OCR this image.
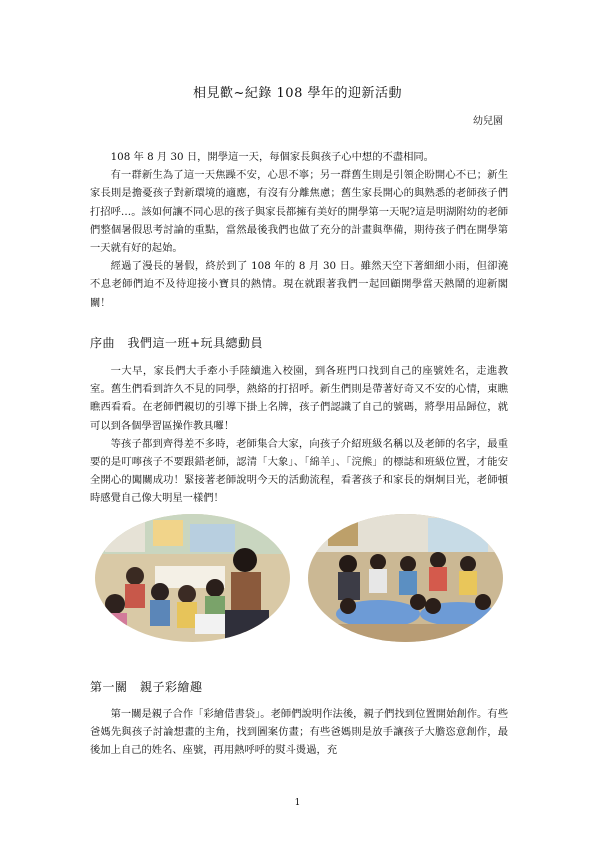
相見歡~紀錄 108 學年的迎新活動
幼兒園

108 年 8 月 30 日，開學這一天，每個家長與孩子心中想的不盡相同。

有一群新生為了這一天焦躁不安，心思不寧；另一群舊生則是引領企盼開心不已；新生家長則是擔憂孩子對新環境的適應，有沒有分離焦慮；舊生家長開心的與熟悉的老師孩子們打招呼…。該如何讓不同心思的孩子與家長都擁有美好的開學第一天呢?這是明湖附幼的老師們整個暑假思考討論的重點，當然最後我們也做了充分的計畫與準備，期待孩子們在開學第一天就有好的起始。

經過了漫長的暑假，終於到了 108 年的 8 月 30 日。雖然天空下著細細小雨，但卻澆不息老師們迫不及待迎接小寶貝的熱情。現在就跟著我們一起回顧開學當天熱鬧的迎新閣關！

序曲　我們這一班+玩具總動員

一大早，家長們大手牽小手陸續進入校園，到各班門口找到自己的座號姓名，走進教室。舊生們看到許久不見的同學，熱絡的打招呼。新生們則是帶著好奇又不安的心情，東瞧瞧西看看。在老師們親切的引導下掛上名牌，孩子們認識了自己的號碼，將學用品歸位，就可以到各個學習區操作教具囉！

等孩子都到齊得差不多時，老師集合大家，向孩子介紹班級名稱以及老師的名字，最重要的是叮嚀孩子不要跟錯老師，認清「大象」、「綿羊」、「浣熊」的標誌和班級位置，才能安全開心的闖關成功！緊接著老師說明今天的活動流程，看著孩子和家長的炯炯目光，老師頓時感覺自己像大明星一樣們！

第一關　親子彩繪趣

第一關是親子合作「彩繪借書袋」。老師們說明作法後，親子們找到位置開始創作。有些爸媽先與孩子討論想畫的主角，找到圖案仿畫；有些爸媽則是放手讓孩子大膽恣意創作，最後加上自己的姓名、座號，再用熱呼呼的熨斗燙過，充

1
